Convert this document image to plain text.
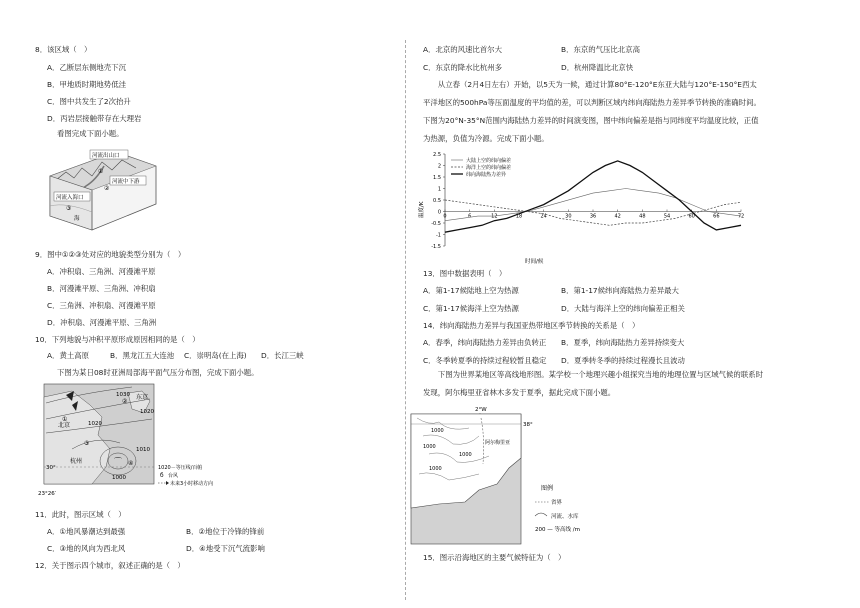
8．该区域（　）
A．乙断层东侧地壳下沉
B．甲地质时期地势低洼
C．图中共发生了2次抬升
D．丙岩层接触带存在大理岩
看图完成下面小题。
河流出山口
河流中下游
河流入海口
海
①
②
③
9．图中①②③处对应的地貌类型分别为（　）
A．冲积扇、三角洲、河漫滩平原
B．河漫滩平原、三角洲、冲积扇
C．三角洲、冲积扇、河漫滩平原
D．冲积扇、河漫滩平原、三角洲
10．下列地貌与冲积平原形成原因相同的是（　）
A．黄土高原	B．黑龙江五大连池 C．崇明岛(在上海) D．长江三峡
下图为某日08时亚洲局部海平面气压分布图，完成下面小题。
⌒
1030
1020
1010
1000
1020
北京
东京
杭州
①
②
③
④
30°
23°26′
1020－等压线/百帕
ϭ 台风
未来3小时移动方向
11．此时，图示区域（　）
A．①地风暴潮达到最强	B．②地位于冷锋的锋前
C．③地的风向为西北风	D．④地受下沉气流影响
12．关于图示四个城市，叙述正确的是（　）
A．北京的风速比首尔大	B．东京的气压比北京高
C．东京的降水比杭州多	D．杭州降温比北京快
从立春（2月4日左右）开始，以5天为一候，通过计算80°E-120°E东亚大陆与120°E-150°E西太平洋地区的500hPa等压面温度的平均值的差，可以判断区域内纬向海陆热力差异季节转换的准确时间。下图为20°N-35°N范围内海陆热力差异的时间演变图，图中纬向偏差是指与同纬度平均温度比较，正值为热源，负值为冷源。完成下面小题。
温度/K
时间/候
2.5
2
1.5
1
0.5
0
-0.5
-1
-1.5
0	6	12	18	24	30	36	42	48	54	60	66	72
大陆上空的纬向偏差
海洋上空的纬向偏差
纬向海陆热力差异
13．图中数据表明（　）
A．第1-17候陆地上空为热源	B．第1-17候纬向海陆热力差异最大
C．第1-17候海洋上空为热源	D．大陆与海洋上空的纬向偏差正相关
14．纬向海陆热力差异与我国亚热带地区季节转换的关系是（　）
A．春季，纬向海陆热力差异由负转正 B．夏季，纬向海陆热力差异持续变大
C．冬季转夏季的持续过程较暂且稳定 D．夏季转冬季的持续过程漫长且波动
下图为世界某地区等高线地形图。某学校一个地理兴趣小组探究当地的地理位置与区域气候的联系时发现，阿尔梅里亚省林木多发于夏季，据此完成下面小题。
2°W
38°
1000
1000
1000
1000
阿尔梅里亚
图例
省界
河流、水库
200 — 等高线 /m
15．图示沿海地区的主要气候特征为（　）
